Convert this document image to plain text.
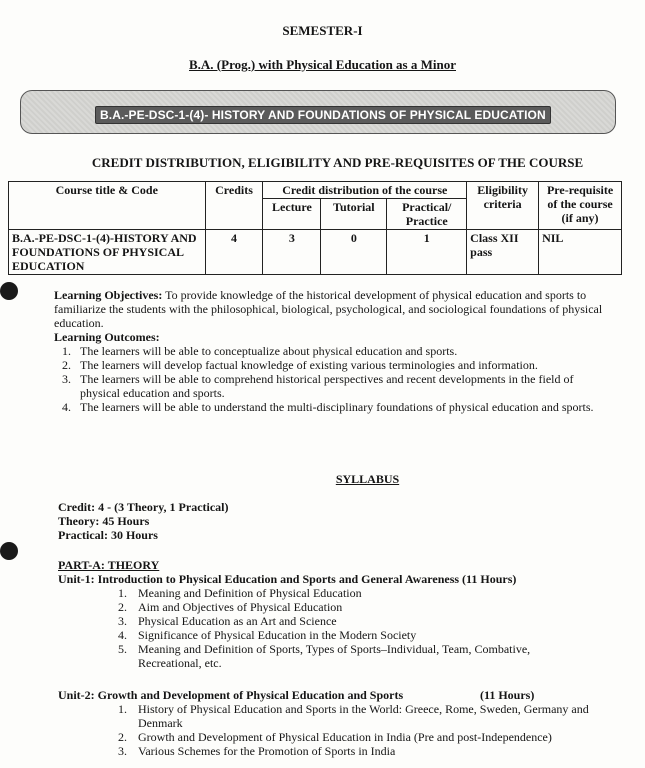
SEMESTER-I
B.A. (Prog.) with Physical Education as a Minor
B.A.-PE-DSC-1-(4)- HISTORY AND FOUNDATIONS OF PHYSICAL EDUCATION
CREDIT DISTRIBUTION, ELIGIBILITY AND PRE-REQUISITES OF THE COURSE
Course title & Code	Credits	Credit distribution of the course			Eligibility criteria	Pre-requisite of the course (if any)
		Lecture	Tutorial	Practical/ Practice		
B.A.-PE-DSC-1-(4)-HISTORY AND FOUNDATIONS OF PHYSICAL EDUCATION	4	3	0	1	Class XII pass	NIL
Learning Objectives: To provide knowledge of the historical development of physical education and sports to familiarize the students with the philosophical, biological, psychological, and sociological foundations of physical education.
Learning Outcomes:
1. The learners will be able to conceptualize about physical education and sports.
2. The learners will develop factual knowledge of existing various terminologies and information.
3. The learners will be able to comprehend historical perspectives and recent developments in the field of physical education and sports.
4. The learners will be able to understand the multi-disciplinary foundations of physical education and sports.
SYLLABUS
Credit: 4 - (3 Theory, 1 Practical)
Theory: 45 Hours
Practical: 30 Hours
PART-A: THEORY
Unit-1: Introduction to Physical Education and Sports and General Awareness (11 Hours)
1. Meaning and Definition of Physical Education
2. Aim and Objectives of Physical Education
3. Physical Education as an Art and Science
4. Significance of Physical Education in the Modern Society
5. Meaning and Definition of Sports, Types of Sports–Individual, Team, Combative, Recreational, etc.
Unit-2: Growth and Development of Physical Education and Sports	(11 Hours)
1. History of Physical Education and Sports in the World: Greece, Rome, Sweden, Germany and Denmark
2. Growth and Development of Physical Education in India (Pre and post-Independence)
3. Various Schemes for the Promotion of Sports in India
